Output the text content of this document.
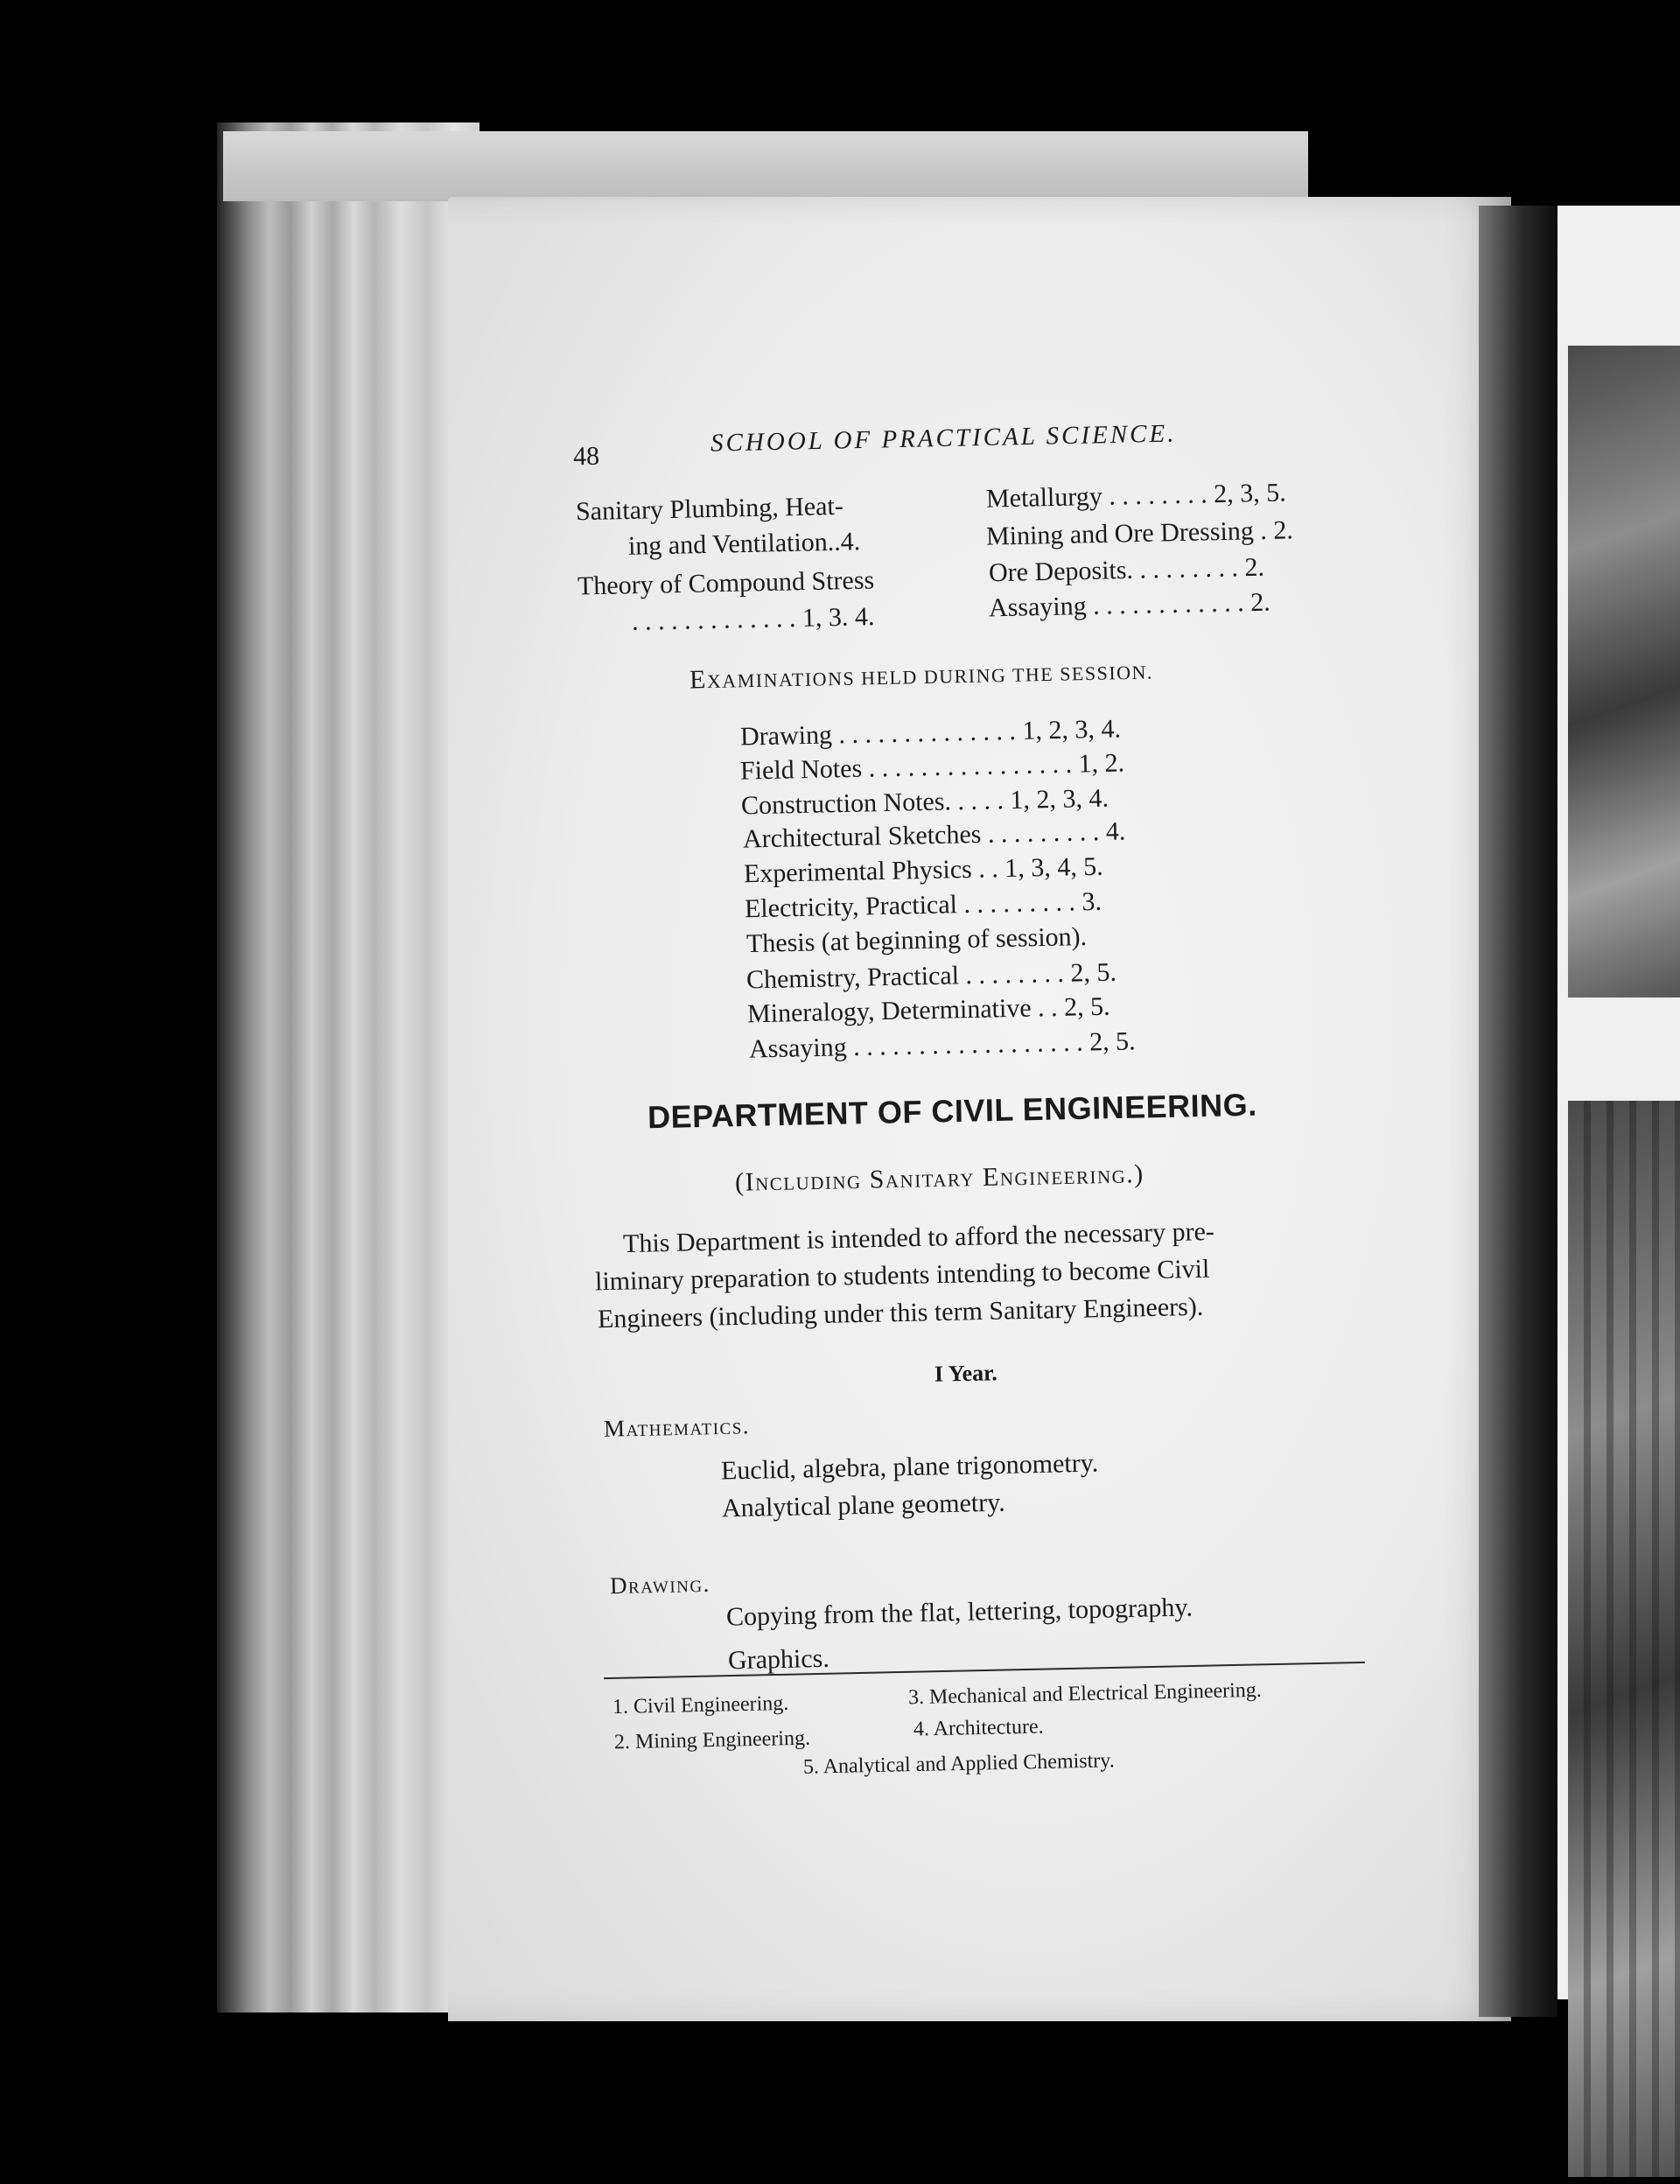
48	SCHOOL OF PRACTICAL SCIENCE.
Sanitary Plumbing, Heat-
ing and Ventilation..4.
Theory of Compound Stress
. . . . . . . . . . . . . 1, 3. 4.
Metallurgy . . . . . . . . 2, 3, 5.
Mining and Ore Dressing . 2.
Ore Deposits. . . . . . . . . 2.
Assaying . . . . . . . . . . . . 2.
EXAMINATIONS HELD DURING THE SESSION.
Drawing . . . . . . . . . . . . . . 1, 2, 3, 4.
Field Notes . . . . . . . . . . . . . . . . 1, 2.
Construction Notes. . . . . 1, 2, 3, 4.
Architectural Sketches . . . . . . . . . 4.
Experimental Physics . . 1, 3, 4, 5.
Electricity, Practical . . . . . . . . . 3.
Thesis (at beginning of session).
Chemistry, Practical . . . . . . . . 2, 5.
Mineralogy, Determinative . . 2, 5.
Assaying . . . . . . . . . . . . . . . . . . 2, 5.
DEPARTMENT OF CIVIL ENGINEERING.
(Including Sanitary Engineering.)
This Department is intended to afford the necessary pre-
liminary preparation to students intending to become Civil
Engineers (including under this term Sanitary Engineers).
I Year.
Mathematics.
Euclid, algebra, plane trigonometry.
Analytical plane geometry.
Drawing.
Copying from the flat, lettering, topography.
Graphics.
1. Civil Engineering.	3. Mechanical and Electrical Engineering.
2. Mining Engineering.	4. Architecture.
5. Analytical and Applied Chemistry.
